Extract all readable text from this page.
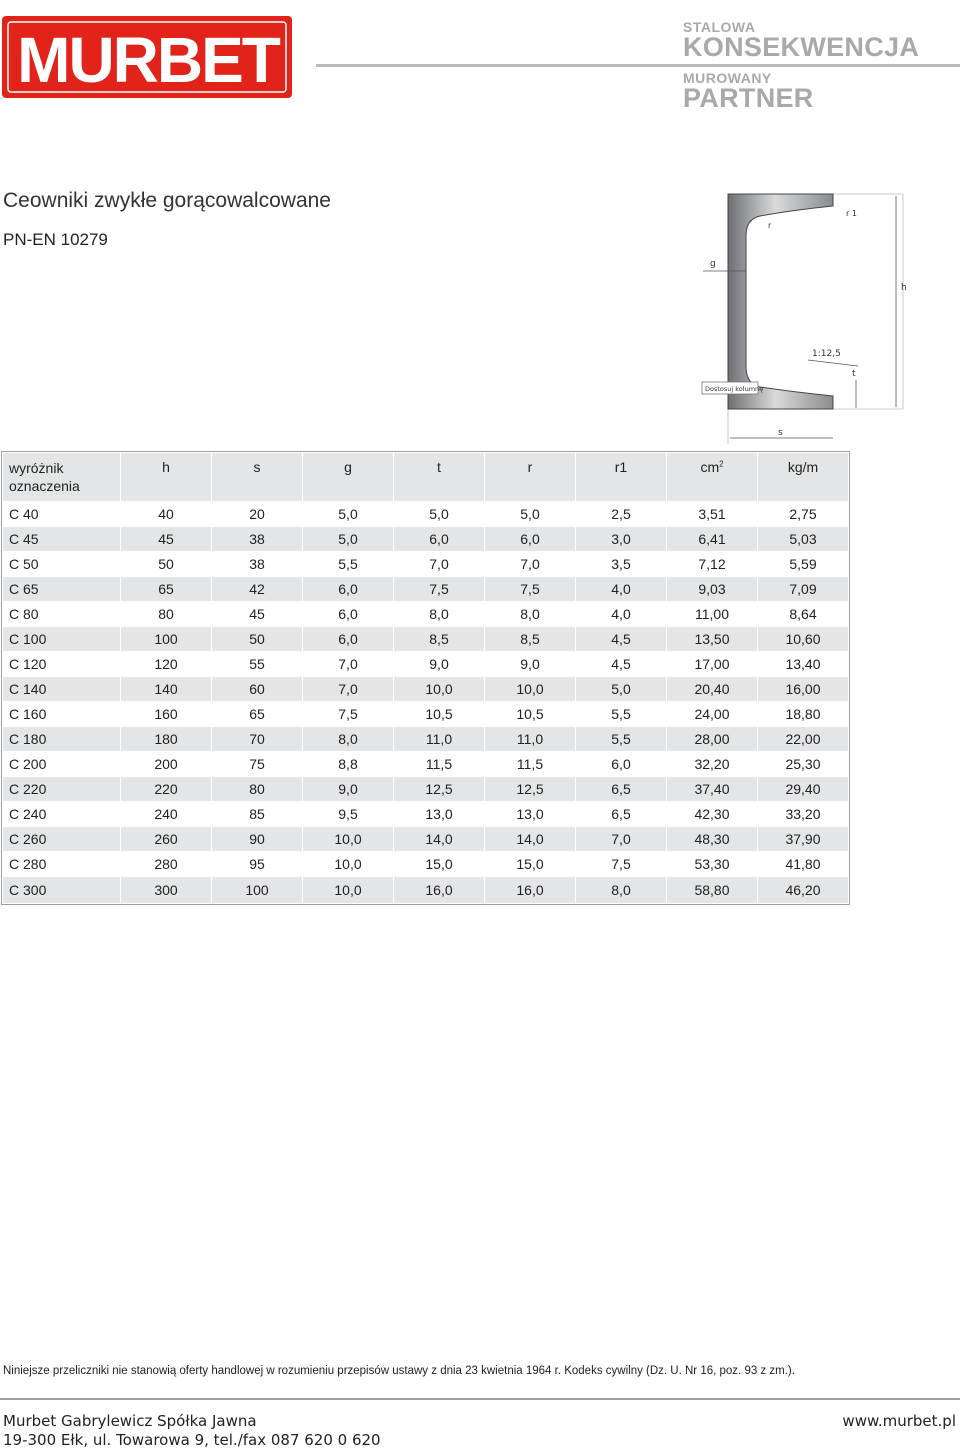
MURBET	STALOWA
KONSEKWENCJA
MUROWANY
PARTNER
Ceowniki zwykłe gorącowalcowane
PN-EN 10279
h
g
r
r 1
1:12,5
t
s
Dostosuj kolumnę
wyróżnik oznaczenia	h	s	g	t	r	r1	$cm^2$	kg/m
C 40	40	20	5,0	5,0	5,0	2,5	3,51	2,75
C 45	45	38	5,0	6,0	6,0	3,0	6,41	5,03
C 50	50	38	5,5	7,0	7,0	3,5	7,12	5,59
C 65	65	42	6,0	7,5	7,5	4,0	9,03	7,09
C 80	80	45	6,0	8,0	8,0	4,0	11,00	8,64
C 100	100	50	6,0	8,5	8,5	4,5	13,50	10,60
C 120	120	55	7,0	9,0	9,0	4,5	17,00	13,40
C 140	140	60	7,0	10,0	10,0	5,0	20,40	16,00
C 160	160	65	7,5	10,5	10,5	5,5	24,00	18,80
C 180	180	70	8,0	11,0	11,0	5,5	28,00	22,00
C 200	200	75	8,8	11,5	11,5	6,0	32,20	25,30
C 220	220	80	9,0	12,5	12,5	6,5	37,40	29,40
C 240	240	85	9,5	13,0	13,0	6,5	42,30	33,20
C 260	260	90	10,0	14,0	14,0	7,0	48,30	37,90
C 280	280	95	10,0	15,0	15,0	7,5	53,30	41,80
C 300	300	100	10,0	16,0	16,0	8,0	58,80	46,20
Niniejsze przeliczniki nie stanowią oferty handlowej w rozumieniu przepisów ustawy z dnia 23 kwietnia 1964 r. Kodeks cywilny (Dz. U. Nr 16, poz. 93 z zm.).
Murbet Gabrylewicz Spółka Jawna
19-300 Ełk, ul. Towarowa 9, tel./fax 087 620 0 620
www.murbet.pl
